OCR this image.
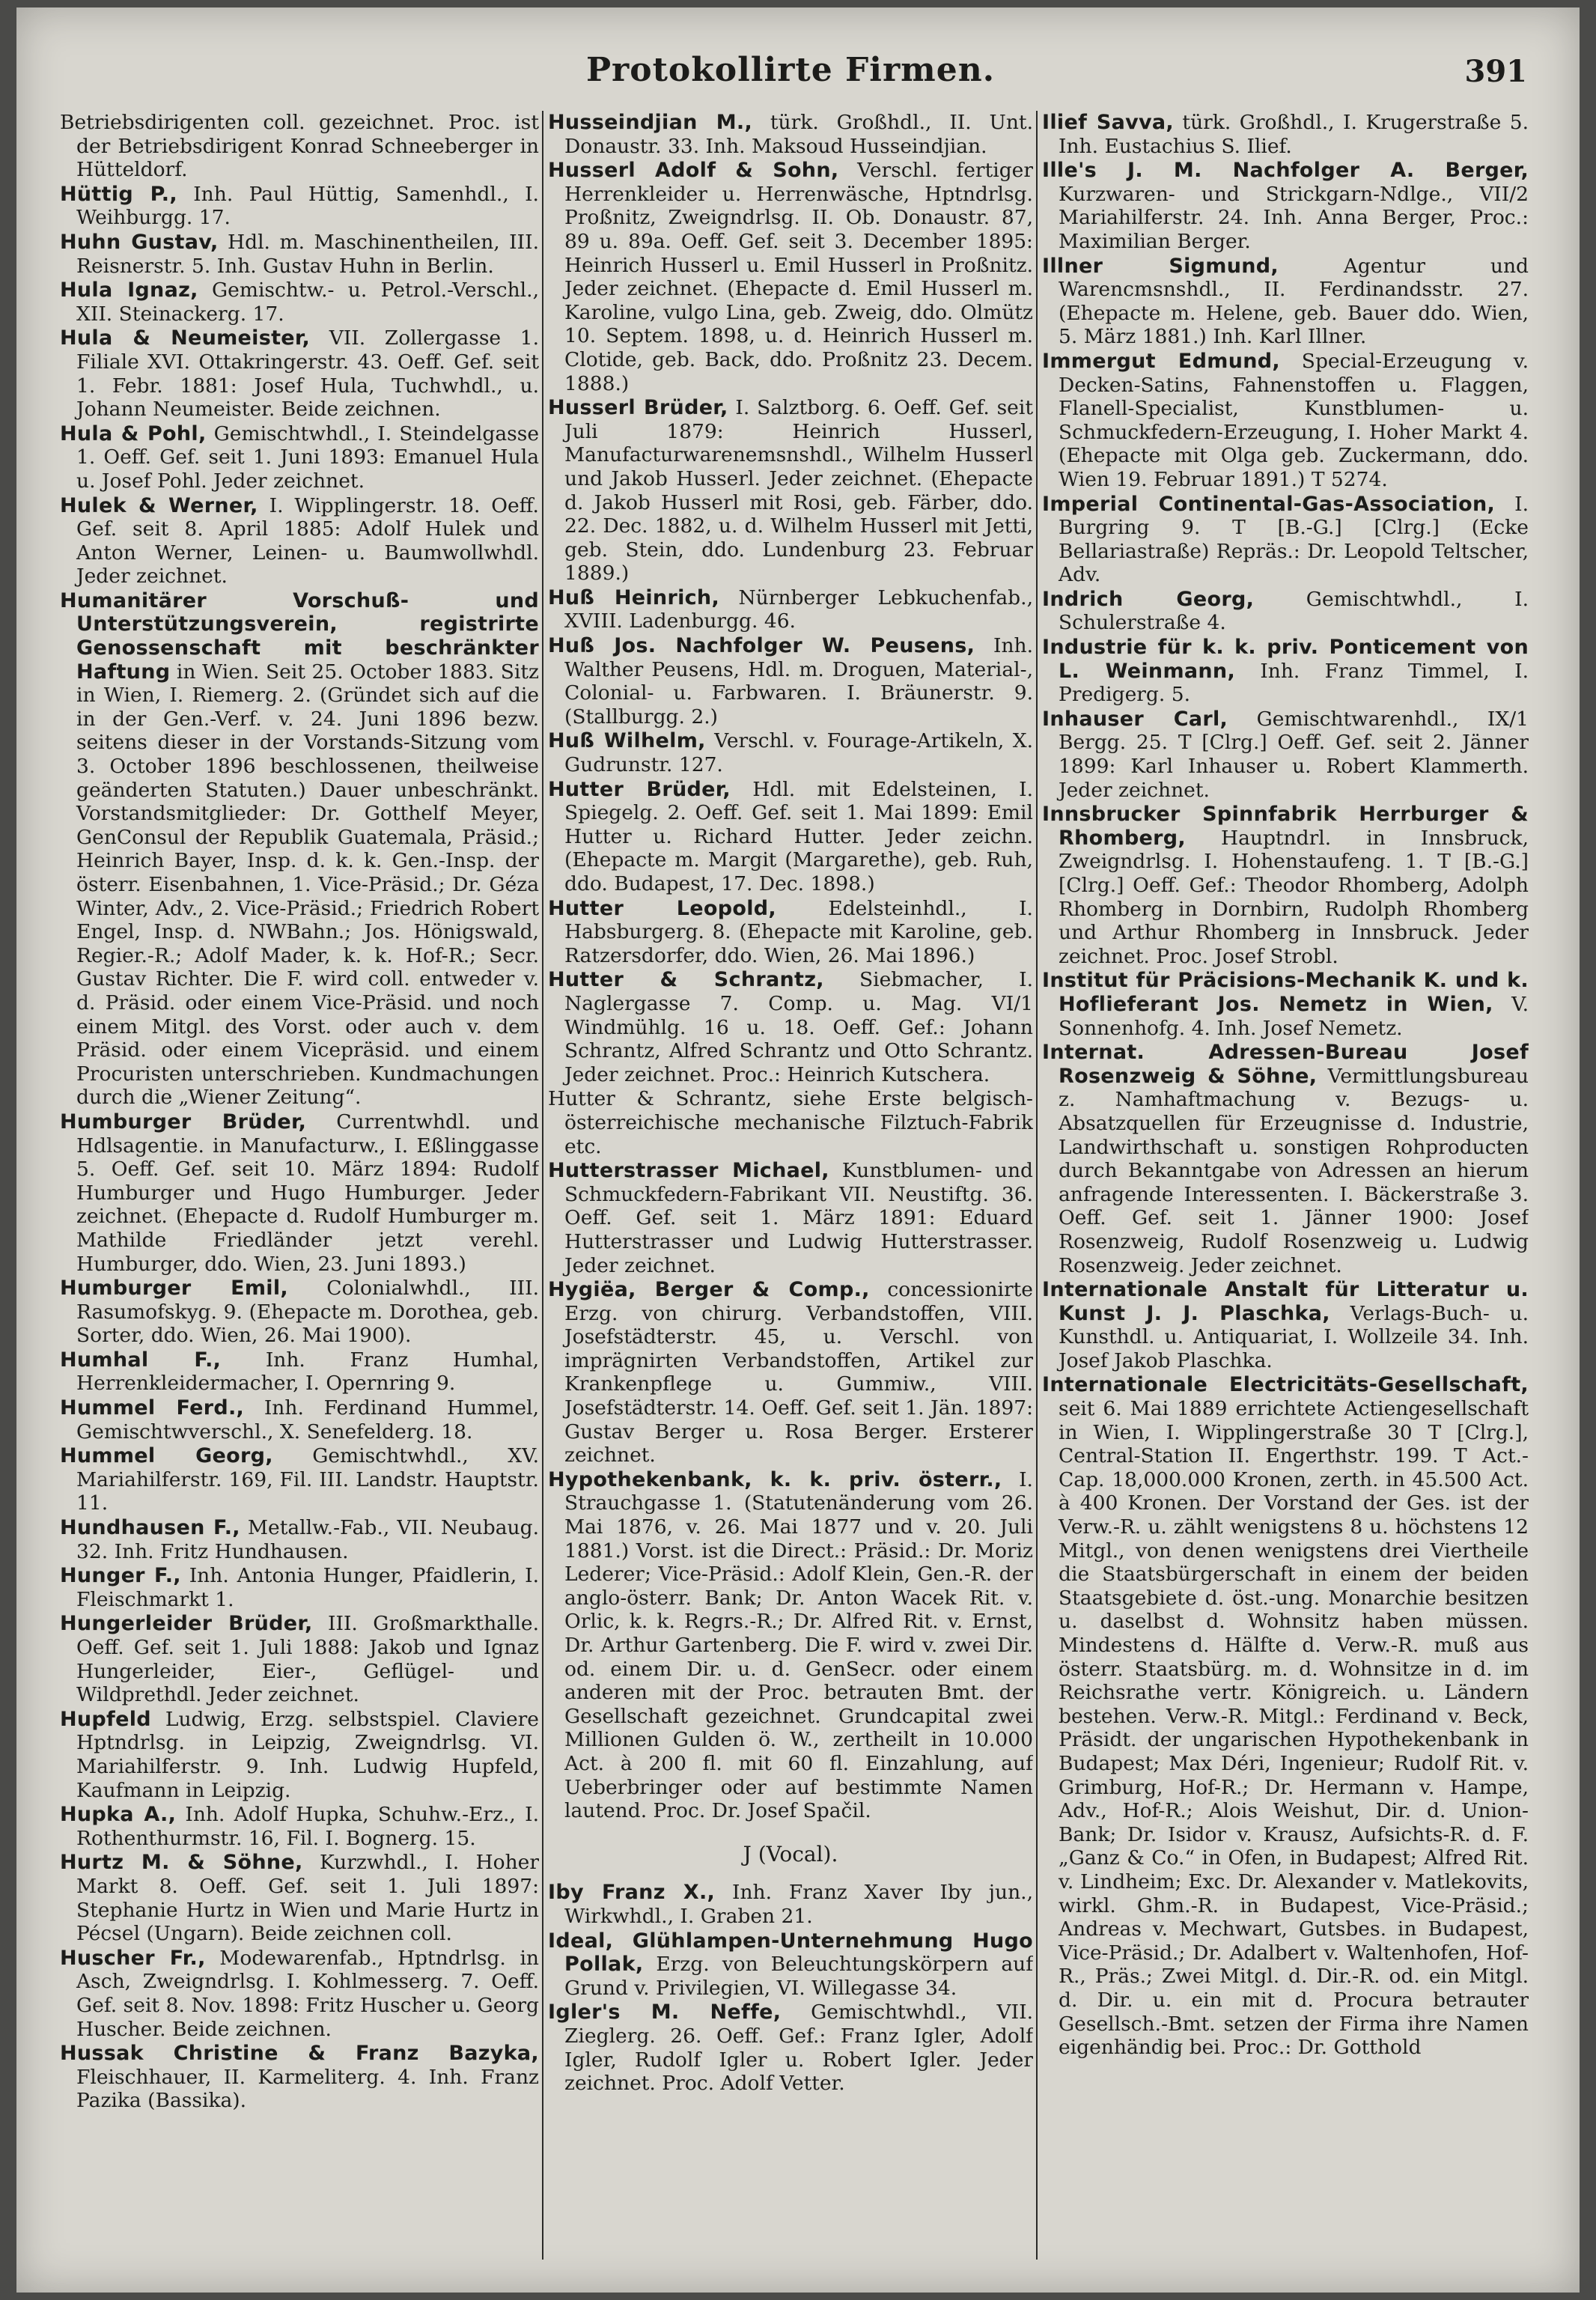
Protokollirte Firmen.	391

Betriebsdirigenten coll. gezeichnet. Proc. ist der Betriebsdirigent Konrad Schneeberger in Hütteldorf.

Hüttig P., Inh. Paul Hüttig, Samenhdl., I. Weihburgg. 17.

Huhn Gustav, Hdl. m. Maschinentheilen, III. Reisnerstr. 5. Inh. Gustav Huhn in Berlin.

Hula Ignaz, Gemischtw.- u. Petrol.-Verschl., XII. Steinackerg. 17.

Hula & Neumeister, VII. Zollergasse 1. Filiale XVI. Ottakringerstr. 43. Oeff. Gef. seit 1. Febr. 1881: Josef Hula, Tuchwhdl., u. Johann Neumeister. Beide zeichnen.

Hula & Pohl, Gemischtwhdl., I. Steindelgasse 1. Oeff. Gef. seit 1. Juni 1893: Emanuel Hula u. Josef Pohl. Jeder zeichnet.

Hulek & Werner, I. Wipplingerstr. 18. Oeff. Gef. seit 8. April 1885: Adolf Hulek und Anton Werner, Leinen- u. Baumwollwhdl. Jeder zeichnet.

Humanitärer Vorschuß- und Unterstützungsverein, registrirte Genossenschaft mit beschränkter Haftung in Wien. Seit 25. October 1883. Sitz in Wien, I. Riemerg. 2. (Gründet sich auf die in der Gen.-Verf. v. 24. Juni 1896 bezw. seitens dieser in der Vorstands-Sitzung vom 3. October 1896 beschlossenen, theilweise geänderten Statuten.) Dauer unbeschränkt. Vorstandsmitglieder: Dr. Gotthelf Meyer, GenConsul der Republik Guatemala, Präsid.; Heinrich Bayer, Insp. d. k. k. Gen.-Insp. der österr. Eisenbahnen, 1. Vice-Präsid.; Dr. Géza Winter, Adv., 2. Vice-Präsid.; Friedrich Robert Engel, Insp. d. NWBahn.; Jos. Hönigswald, Regier.-R.; Adolf Mader, k. k. Hof-R.; Secr. Gustav Richter. Die F. wird coll. entweder v. d. Präsid. oder einem Vice-Präsid. und noch einem Mitgl. des Vorst. oder auch v. dem Präsid. oder einem Vicepräsid. und einem Procuristen unterschrieben. Kundmachungen durch die „Wiener Zeitung“.

Humburger Brüder, Currentwhdl. und Hdlsagentie. in Manufacturw., I. Eßlinggasse 5. Oeff. Gef. seit 10. März 1894: Rudolf Humburger und Hugo Humburger. Jeder zeichnet. (Ehepacte d. Rudolf Humburger m. Mathilde Friedländer jetzt verehl. Humburger, ddo. Wien, 23. Juni 1893.)

Humburger Emil, Colonialwhdl., III. Rasumofskyg. 9. (Ehepacte m. Dorothea, geb. Sorter, ddo. Wien, 26. Mai 1900).

Humhal F., Inh. Franz Humhal, Herrenkleidermacher, I. Opernring 9.

Hummel Ferd., Inh. Ferdinand Hummel, Gemischtwverschl., X. Senefelderg. 18.

Hummel Georg, Gemischtwhdl., XV. Mariahilferstr. 169, Fil. III. Landstr. Hauptstr. 11.

Hundhausen F., Metallw.-Fab., VII. Neubaug. 32. Inh. Fritz Hundhausen.

Hunger F., Inh. Antonia Hunger, Pfaidlerin, I. Fleischmarkt 1.

Hungerleider Brüder, III. Großmarkthalle. Oeff. Gef. seit 1. Juli 1888: Jakob und Ignaz Hungerleider, Eier-, Geflügel- und Wildprethdl. Jeder zeichnet.

Hupfeld Ludwig, Erzg. selbstspiel. Claviere Hptndrlsg. in Leipzig, Zweigndrlsg. VI. Mariahilferstr. 9. Inh. Ludwig Hupfeld, Kaufmann in Leipzig.

Hupka A., Inh. Adolf Hupka, Schuhw.-Erz., I. Rothenthurmstr. 16, Fil. I. Bognerg. 15.

Hurtz M. & Söhne, Kurzwhdl., I. Hoher Markt 8. Oeff. Gef. seit 1. Juli 1897: Stephanie Hurtz in Wien und Marie Hurtz in Pécsel (Ungarn). Beide zeichnen coll.

Huscher Fr., Modewarenfab., Hptndrlsg. in Asch, Zweigndrlsg. I. Kohlmesserg. 7. Oeff. Gef. seit 8. Nov. 1898: Fritz Huscher u. Georg Huscher. Beide zeichnen.

Hussak Christine & Franz Bazyka, Fleischhauer, II. Karmeliterg. 4. Inh. Franz Pazika (Bassika).

Husseindjian M., türk. Großhdl., II. Unt. Donaustr. 33. Inh. Maksoud Husseindjian.

Husserl Adolf & Sohn, Verschl. fertiger Herrenkleider u. Herrenwäsche, Hptndrlsg. Proßnitz, Zweigndrlsg. II. Ob. Donaustr. 87, 89 u. 89a. Oeff. Gef. seit 3. December 1895: Heinrich Husserl u. Emil Husserl in Proßnitz. Jeder zeichnet. (Ehepacte d. Emil Husserl m. Karoline, vulgo Lina, geb. Zweig, ddo. Olmütz 10. Septem. 1898, u. d. Heinrich Husserl m. Clotide, geb. Back, ddo. Proßnitz 23. Decem. 1888.)

Husserl Brüder, I. Salztborg. 6. Oeff. Gef. seit Juli 1879: Heinrich Husserl, Manufacturwarenemsnshdl., Wilhelm Husserl und Jakob Husserl. Jeder zeichnet. (Ehepacte d. Jakob Husserl mit Rosi, geb. Färber, ddo. 22. Dec. 1882, u. d. Wilhelm Husserl mit Jetti, geb. Stein, ddo. Lundenburg 23. Februar 1889.)

Huß Heinrich, Nürnberger Lebkuchenfab., XVIII. Ladenburgg. 46.

Huß Jos. Nachfolger W. Peusens, Inh. Walther Peusens, Hdl. m. Droguen, Material-, Colonial- u. Farbwaren. I. Bräunerstr. 9. (Stallburgg. 2.)

Huß Wilhelm, Verschl. v. Fourage-Artikeln, X. Gudrunstr. 127.

Hutter Brüder, Hdl. mit Edelsteinen, I. Spiegelg. 2. Oeff. Gef. seit 1. Mai 1899: Emil Hutter u. Richard Hutter. Jeder zeichn. (Ehepacte m. Margit (Margarethe), geb. Ruh, ddo. Budapest, 17. Dec. 1898.)

Hutter Leopold, Edelsteinhdl., I. Habsburgerg. 8. (Ehepacte mit Karoline, geb. Ratzersdorfer, ddo. Wien, 26. Mai 1896.)

Hutter & Schrantz, Siebmacher, I. Naglergasse 7. Comp. u. Mag. VI/1 Windmühlg. 16 u. 18. Oeff. Gef.: Johann Schrantz, Alfred Schrantz und Otto Schrantz. Jeder zeichnet. Proc.: Heinrich Kutschera.

Hutter & Schrantz, siehe Erste belgisch-österreichische mechanische Filztuch-Fabrik etc.

Hutterstrasser Michael, Kunstblumen- und Schmuckfedern-Fabrikant VII. Neustiftg. 36. Oeff. Gef. seit 1. März 1891: Eduard Hutterstrasser und Ludwig Hutterstrasser. Jeder zeichnet.

Hygiëa, Berger & Comp., concessionirte Erzg. von chirurg. Verbandstoffen, VIII. Josefstädterstr. 45, u. Verschl. von imprägnirten Verbandstoffen, Artikel zur Krankenpflege u. Gummiw., VIII. Josefstädterstr. 14. Oeff. Gef. seit 1. Jän. 1897: Gustav Berger u. Rosa Berger. Ersterer zeichnet.

Hypothekenbank, k. k. priv. österr., I. Strauchgasse 1. (Statutenänderung vom 26. Mai 1876, v. 26. Mai 1877 und v. 20. Juli 1881.) Vorst. ist die Direct.: Präsid.: Dr. Moriz Lederer; Vice-Präsid.: Adolf Klein, Gen.-R. der anglo-österr. Bank; Dr. Anton Wacek Rit. v. Orlic, k. k. Regrs.-R.; Dr. Alfred Rit. v. Ernst, Dr. Arthur Gartenberg. Die F. wird v. zwei Dir. od. einem Dir. u. d. GenSecr. oder einem anderen mit der Proc. betrauten Bmt. der Gesellschaft gezeichnet. Grundcapital zwei Millionen Gulden ö. W., zertheilt in 10.000 Act. à 200 fl. mit 60 fl. Einzahlung, auf Ueberbringer oder auf bestimmte Namen lautend. Proc. Dr. Josef Spačil.

J (Vocal).

Iby Franz X., Inh. Franz Xaver Iby jun., Wirkwhdl., I. Graben 21.

Ideal, Glühlampen-Unternehmung Hugo Pollak, Erzg. von Beleuchtungskörpern auf Grund v. Privilegien, VI. Willegasse 34.

Igler's M. Neffe, Gemischtwhdl., VII. Zieglerg. 26. Oeff. Gef.: Franz Igler, Adolf Igler, Rudolf Igler u. Robert Igler. Jeder zeichnet. Proc. Adolf Vetter.

Ilief Savva, türk. Großhdl., I. Krugerstraße 5. Inh. Eustachius S. Ilief.

Ille's J. M. Nachfolger A. Berger, Kurzwaren- und Strickgarn-Ndlge., VII/2 Mariahilferstr. 24. Inh. Anna Berger, Proc.: Maximilian Berger.

Illner Sigmund, Agentur und Warencmsnshdl., II. Ferdinandsstr. 27. (Ehepacte m. Helene, geb. Bauer ddo. Wien, 5. März 1881.) Inh. Karl Illner.

Immergut Edmund, Special-Erzeugung v. Decken-Satins, Fahnenstoffen u. Flaggen, Flanell-Specialist, Kunstblumen- u. Schmuckfedern-Erzeugung, I. Hoher Markt 4. (Ehepacte mit Olga geb. Zuckermann, ddo. Wien 19. Februar 1891.) T 5274.

Imperial Continental-Gas-Association, I. Burgring 9. T [B.-G.] [Clrg.] (Ecke Bellariastraße) Repräs.: Dr. Leopold Teltscher, Adv.

Indrich Georg, Gemischtwhdl., I. Schulerstraße 4.

Industrie für k. k. priv. Ponticement von L. Weinmann, Inh. Franz Timmel, I. Predigerg. 5.

Inhauser Carl, Gemischtwarenhdl., IX/1 Bergg. 25. T [Clrg.] Oeff. Gef. seit 2. Jänner 1899: Karl Inhauser u. Robert Klammerth. Jeder zeichnet.

Innsbrucker Spinnfabrik Herrburger & Rhomberg, Hauptndrl. in Innsbruck, Zweigndrlsg. I. Hohenstaufeng. 1. T [B.-G.] [Clrg.] Oeff. Gef.: Theodor Rhomberg, Adolph Rhomberg in Dornbirn, Rudolph Rhomberg und Arthur Rhomberg in Innsbruck. Jeder zeichnet. Proc. Josef Strobl.

Institut für Präcisions-Mechanik K. und k. Hoflieferant Jos. Nemetz in Wien, V. Sonnenhofg. 4. Inh. Josef Nemetz.

Internat. Adressen-Bureau Josef Rosenzweig & Söhne, Vermittlungsbureau z. Namhaftmachung v. Bezugs- u. Absatzquellen für Erzeugnisse d. Industrie, Landwirthschaft u. sonstigen Rohproducten durch Bekanntgabe von Adressen an hierum anfragende Interessenten. I. Bäckerstraße 3. Oeff. Gef. seit 1. Jänner 1900: Josef Rosenzweig, Rudolf Rosenzweig u. Ludwig Rosenzweig. Jeder zeichnet.

Internationale Anstalt für Litteratur u. Kunst J. J. Plaschka, Verlags-Buch- u. Kunsthdl. u. Antiquariat, I. Wollzeile 34. Inh. Josef Jakob Plaschka.

Internationale Electricitäts-Gesellschaft, seit 6. Mai 1889 errichtete Actiengesellschaft in Wien, I. Wipplingerstraße 30 T [Clrg.], Central-Station II. Engerthstr. 199. T Act.-Cap. 18,000.000 Kronen, zerth. in 45.500 Act. à 400 Kronen. Der Vorstand der Ges. ist der Verw.-R. u. zählt wenigstens 8 u. höchstens 12 Mitgl., von denen wenigstens drei Viertheile die Staatsbürgerschaft in einem der beiden Staatsgebiete d. öst.-ung. Monarchie besitzen u. daselbst d. Wohnsitz haben müssen. Mindestens d. Hälfte d. Verw.-R. muß aus österr. Staatsbürg. m. d. Wohnsitze in d. im Reichsrathe vertr. Königreich. u. Ländern bestehen. Verw.-R. Mitgl.: Ferdinand v. Beck, Präsidt. der ungarischen Hypothekenbank in Budapest; Max Déri, Ingenieur; Rudolf Rit. v. Grimburg, Hof-R.; Dr. Hermann v. Hampe, Adv., Hof-R.; Alois Weishut, Dir. d. Union-Bank; Dr. Isidor v. Krausz, Aufsichts-R. d. F. „Ganz & Co.“ in Ofen, in Budapest; Alfred Rit. v. Lindheim; Exc. Dr. Alexander v. Matlekovits, wirkl. Ghm.-R. in Budapest, Vice-Präsid.; Andreas v. Mechwart, Gutsbes. in Budapest, Vice-Präsid.; Dr. Adalbert v. Waltenhofen, Hof-R., Präs.; Zwei Mitgl. d. Dir.-R. od. ein Mitgl. d. Dir. u. ein mit d. Procura betrauter Gesellsch.-Bmt. setzen der Firma ihre Namen eigenhändig bei. Proc.: Dr. Gotthold
